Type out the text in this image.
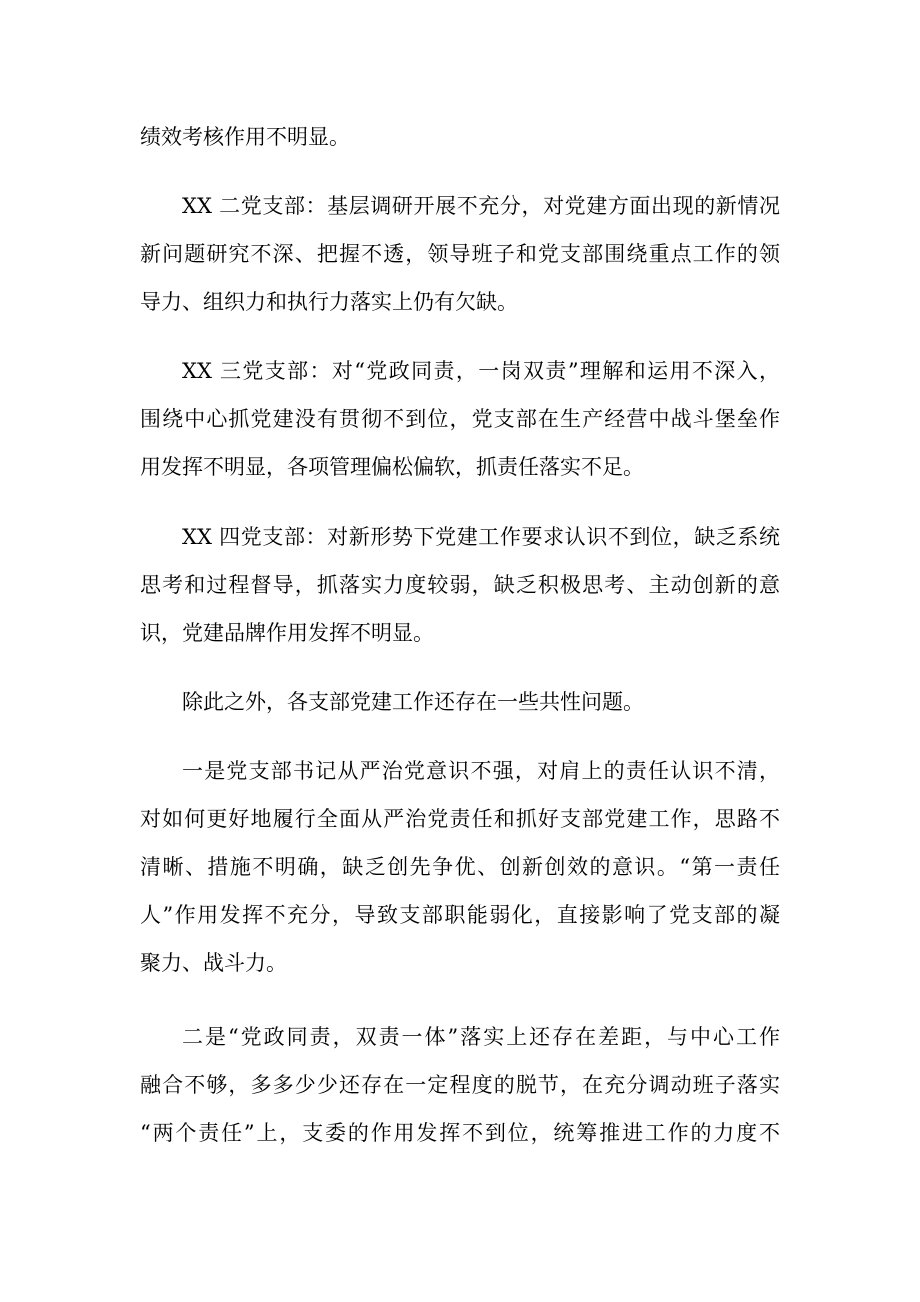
绩效考核作用不明显。
XX 二党支部：基层调研开展不充分，对党建方面出现的新情况
新问题研究不深、把握不透，领导班子和党支部围绕重点工作的领
导力、组织力和执行力落实上仍有欠缺。
XX 三党支部：对“党政同责，一岗双责”理解和运用不深入，
围绕中心抓党建没有贯彻不到位，党支部在生产经营中战斗堡垒作
用发挥不明显，各项管理偏松偏软，抓责任落实不足。
XX 四党支部：对新形势下党建工作要求认识不到位，缺乏系统
思考和过程督导，抓落实力度较弱，缺乏积极思考、主动创新的意
识，党建品牌作用发挥不明显。
除此之外，各支部党建工作还存在一些共性问题。
一是党支部书记从严治党意识不强，对肩上的责任认识不清，
对如何更好地履行全面从严治党责任和抓好支部党建工作，思路不
清晰、措施不明确，缺乏创先争优、创新创效的意识。“第一责任
人”作用发挥不充分，导致支部职能弱化，直接影响了党支部的凝
聚力、战斗力。
二是“党政同责，双责一体”落实上还存在差距，与中心工作
融合不够，多多少少还存在一定程度的脱节，在充分调动班子落实
“两个责任”上，支委的作用发挥不到位，统筹推进工作的力度不
